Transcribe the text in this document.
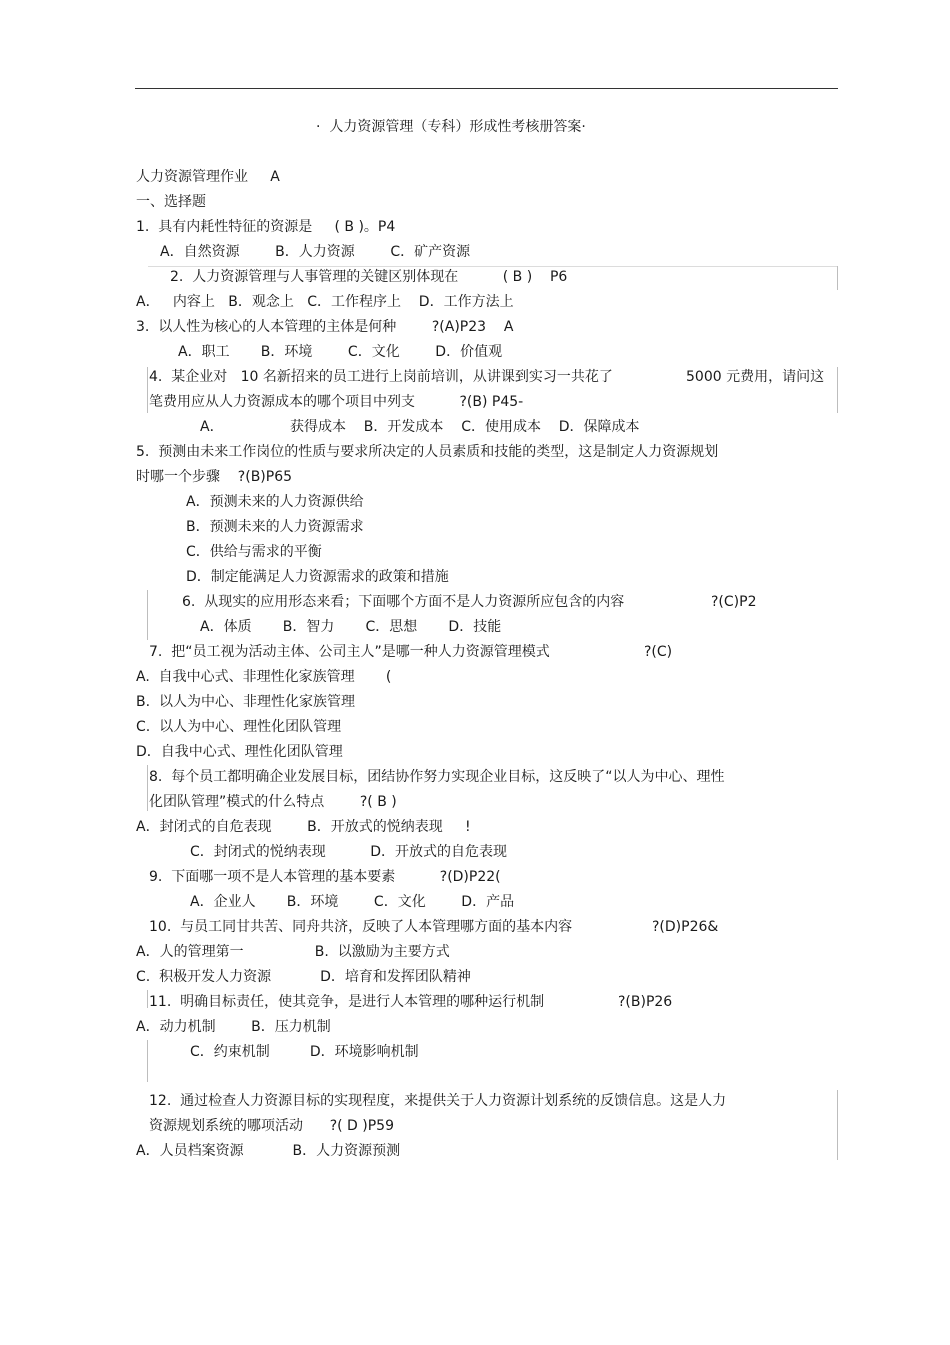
·  人力资源管理（专科）形成性考核册答案·
人力资源管理作业     A
一、选择题
1.  具有内耗性特征的资源是     ( B )。P4
A．自然资源        B．人力资源        C．矿产资源
2.  人力资源管理与人事管理的关键区别体现在          ( B )    P6
A．   内容上   B．观念上   C．工作程序上    D．工作方法上
3.  以人性为核心的人本管理的主体是何种        ?(A)P23    A
A．职工       B．环境        C．文化        D．价值观
4.  某企业对   10 名新招来的员工进行上岗前培训，从讲课到实习一共花了	5000 元费用，请问这
笔费用应从人力资源成本的哪个项目中列支          ?(B) P45-
A．	获得成本    B．开发成本    C．使用成本    D．保障成本
5.  预测由未来工作岗位的性质与要求所决定的人员素质和技能的类型，这是制定人力资源规划
时哪一个步骤    ?(B)P65
A．预测未来的人力资源供给
B．预测未来的人力资源需求
C．供给与需求的平衡
D．制定能满足人力资源需求的政策和措施
6.  从现实的应用形态来看；下面哪个方面不是人力资源所应包含的内容	?(C)P2
A．体质       B．智力       C．思想       D．技能
7.  把“员工视为活动主体、公司主人”是哪一种人力资源管理模式	?(C)
A.  自我中心式、非理性化家族管理       (
B.  以人为中心、非理性化家族管理
C.  以人为中心、理性化团队管理
D．自我中心式、理性化团队管理
8.  每个员工都明确企业发展目标，团结协作努力实现企业目标，这反映了“以人为中心、理性
化团队管理”模式的什么特点        ?( B )
A．封闭式的自危表现        B．开放式的悦纳表现     !
C．封闭式的悦纳表现          D．开放式的自危表现
9.  下面哪一项不是人本管理的基本要素          ?(D)P22(
A．企业人       B．环境        C．文化        D．产品
10.  与员工同甘共苦、同舟共济，反映了人本管理哪方面的基本内容	?(D)P26&
A．人的管理第一                B.  以激励为主要方式
C.  积极开发人力资源           D．培育和发挥团队精神
11.  明确目标责任，使其竞争，是进行人本管理的哪种运行机制	?(B)P26
A．动力机制        B．压力机制
C．约束机制         D．环境影响机制
12.  通过检查人力资源目标的实现程度，来提供关于人力资源计划系统的反馈信息。这是人力
资源规划系统的哪项活动      ?( D )P59
A．人员档案资源           B．人力资源预测
